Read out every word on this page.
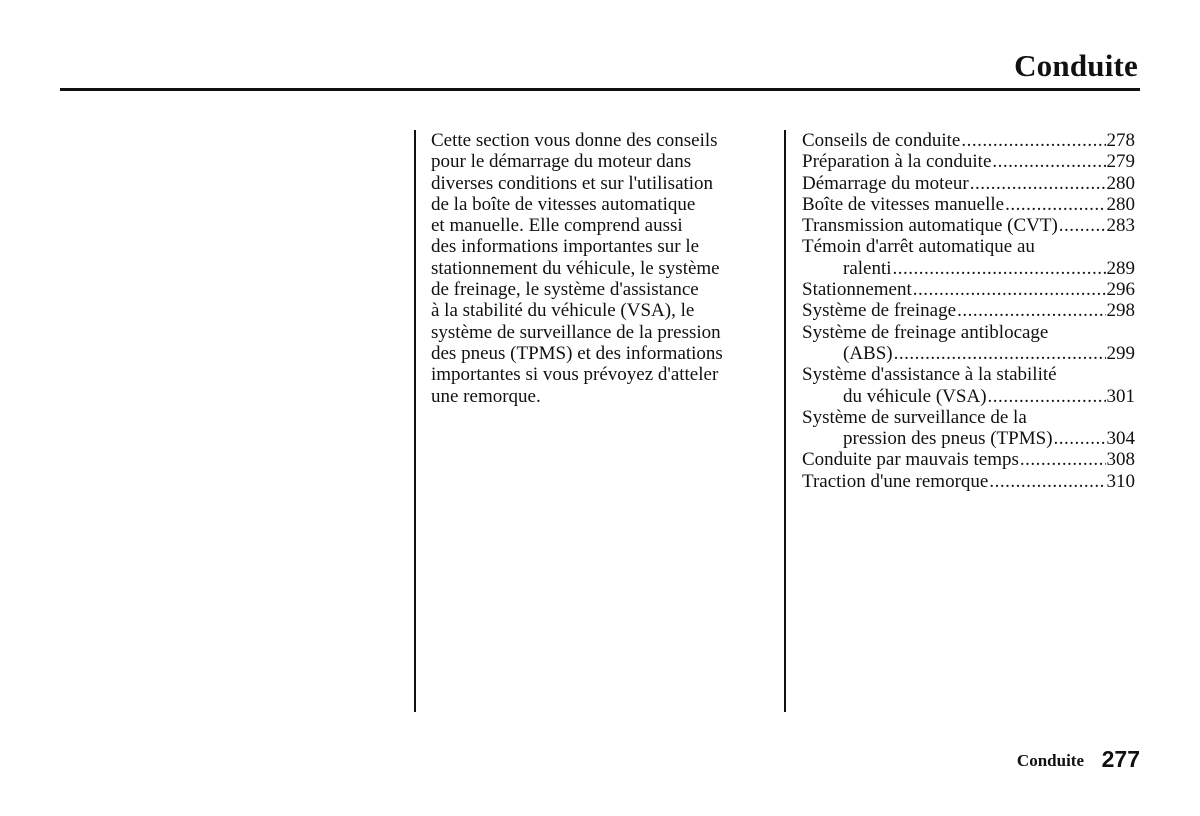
Conduite
Cette section vous donne des conseils
pour le démarrage du moteur dans
diverses conditions et sur l'utilisation
de la boîte de vitesses automatique
et manuelle. Elle comprend aussi
des informations importantes sur le
stationnement du véhicule, le système
de freinage, le système d'assistance
à la stabilité du véhicule (VSA), le
système de surveillance de la pression
des pneus (TPMS) et des informations
importantes si vous prévoyez d'atteler
une remorque.
Conseils de conduite .....	278
Préparation à la conduite .....	279
Démarrage du moteur .....	280
Boîte de vitesses manuelle .....	280
Transmission automatique (CVT) .....	283
Témoin d'arrêt automatique au
ralenti .....	289
Stationnement .....	296
Système de freinage .....	298
Système de freinage antiblocage
(ABS) .....	299
Système d'assistance à la stabilité
du véhicule (VSA) .....	301
Système de surveillance de la
pression des pneus (TPMS) .....	304
Conduite par mauvais temps .....	308
Traction d'une remorque .....	310
Conduite 277
